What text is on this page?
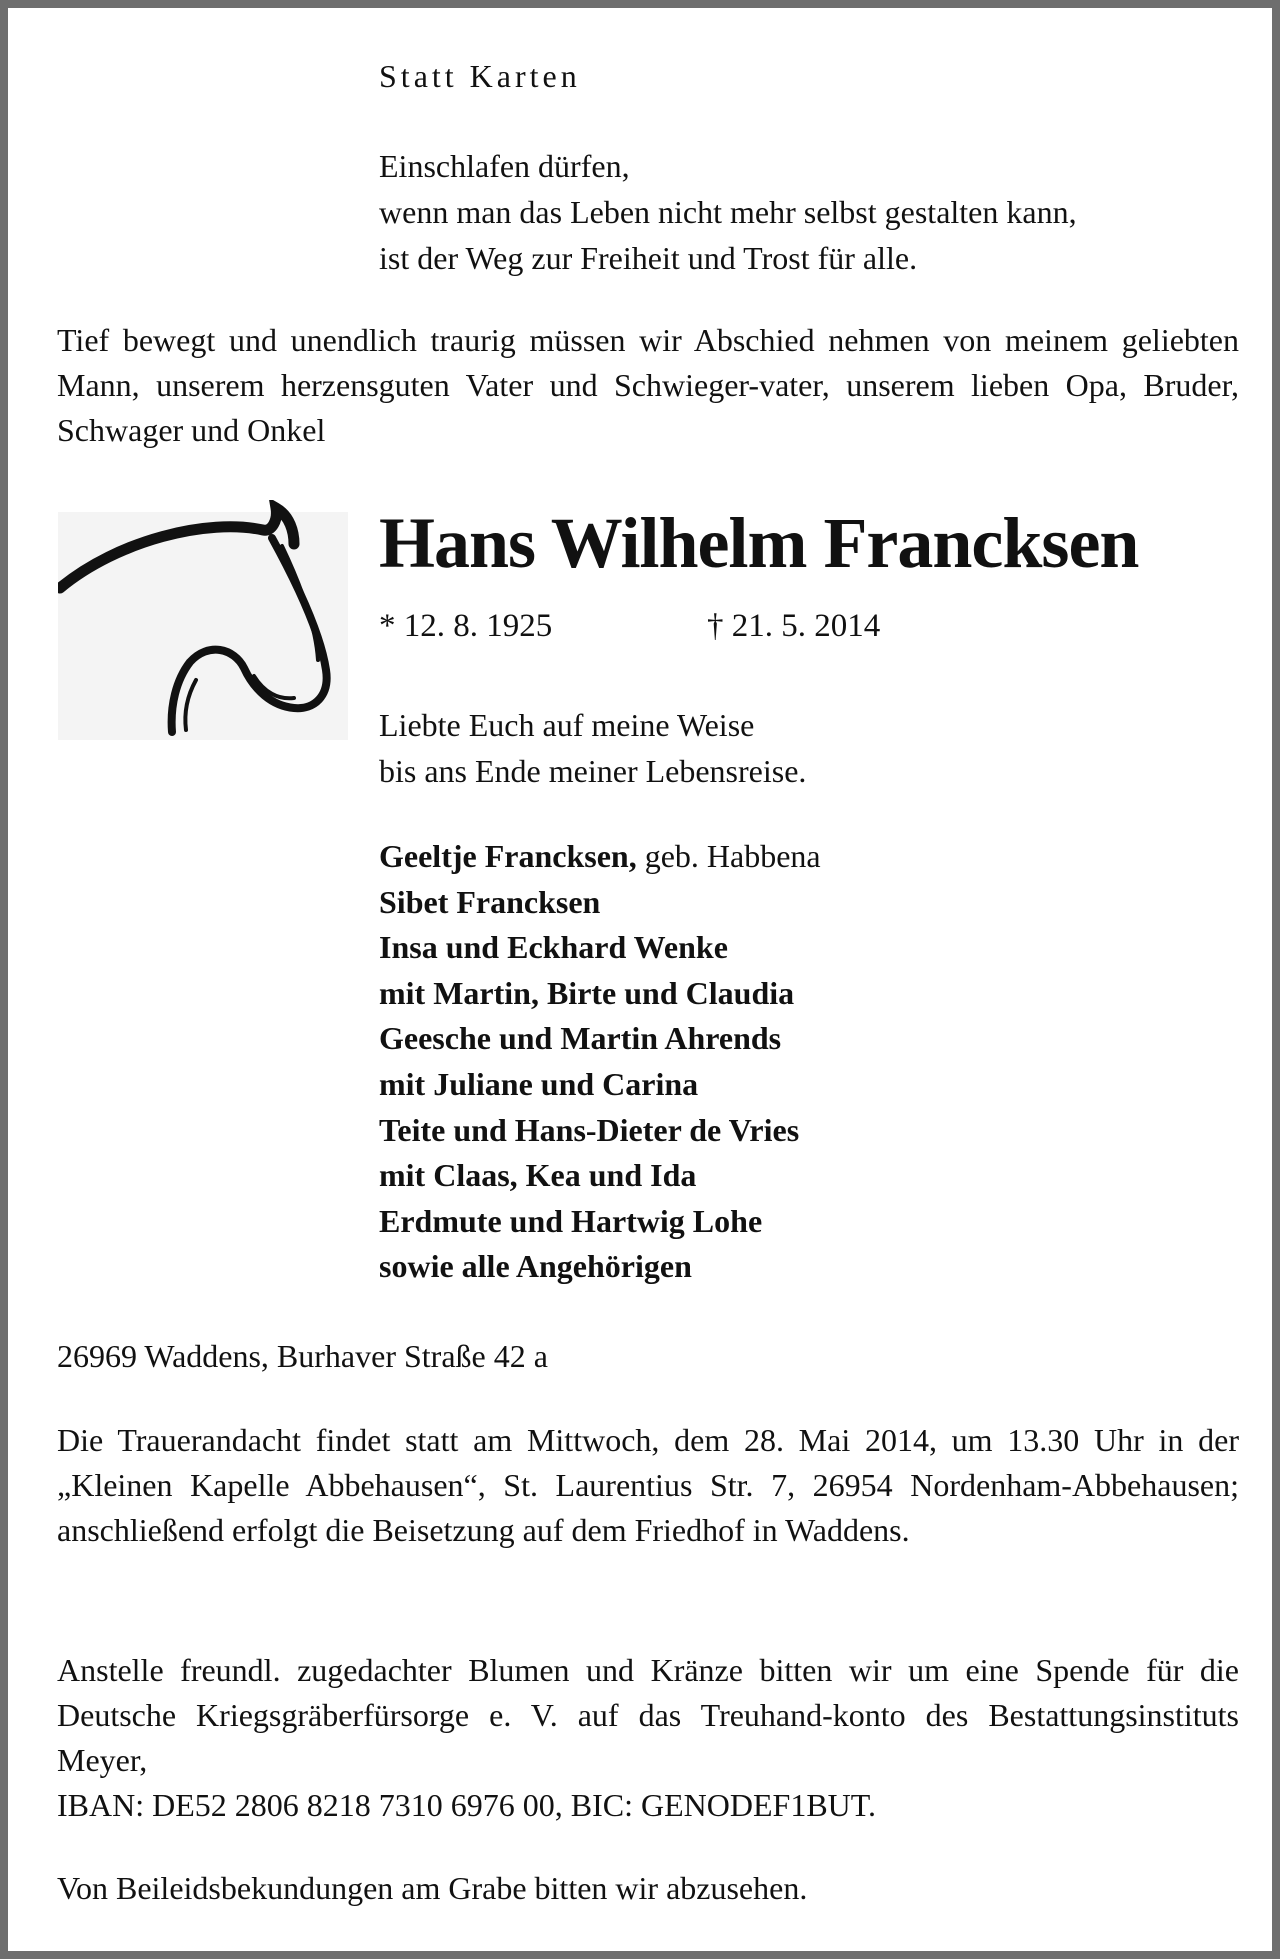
Statt Karten
Einschlafen dürfen,
wenn man das Leben nicht mehr selbst gestalten kann,
ist der Weg zur Freiheit und Trost für alle.
Tief bewegt und unendlich traurig müssen wir Abschied nehmen von meinem geliebten Mann, unserem herzensguten Vater und Schwieger-vater, unserem lieben Opa, Bruder, Schwager und Onkel
Hans Wilhelm Francksen
* 12. 8. 1925	† 21. 5. 2014
Liebte Euch auf meine Weise
bis ans Ende meiner Lebensreise.
Geeltje Francksen, geb. Habbena
Sibet Francksen
Insa und Eckhard Wenke
mit Martin, Birte und Claudia
Geesche und Martin Ahrends
mit Juliane und Carina
Teite und Hans-Dieter de Vries
mit Claas, Kea und Ida
Erdmute und Hartwig Lohe
sowie alle Angehörigen
26969 Waddens, Burhaver Straße 42 a
Die Trauerandacht findet statt am Mittwoch, dem 28. Mai 2014, um 13.30 Uhr in der „Kleinen Kapelle Abbehausen“, St. Laurentius Str. 7, 26954 Nordenham-Abbehausen; anschließend erfolgt die Beisetzung auf dem Friedhof in Waddens.
Anstelle freundl. zugedachter Blumen und Kränze bitten wir um eine Spende für die Deutsche Kriegsgräberfürsorge e. V. auf das Treuhand-konto des Bestattungsinstituts Meyer,
IBAN: DE52 2806 8218 7310 6976 00, BIC: GENODEF1BUT.
Von Beileidsbekundungen am Grabe bitten wir abzusehen.
